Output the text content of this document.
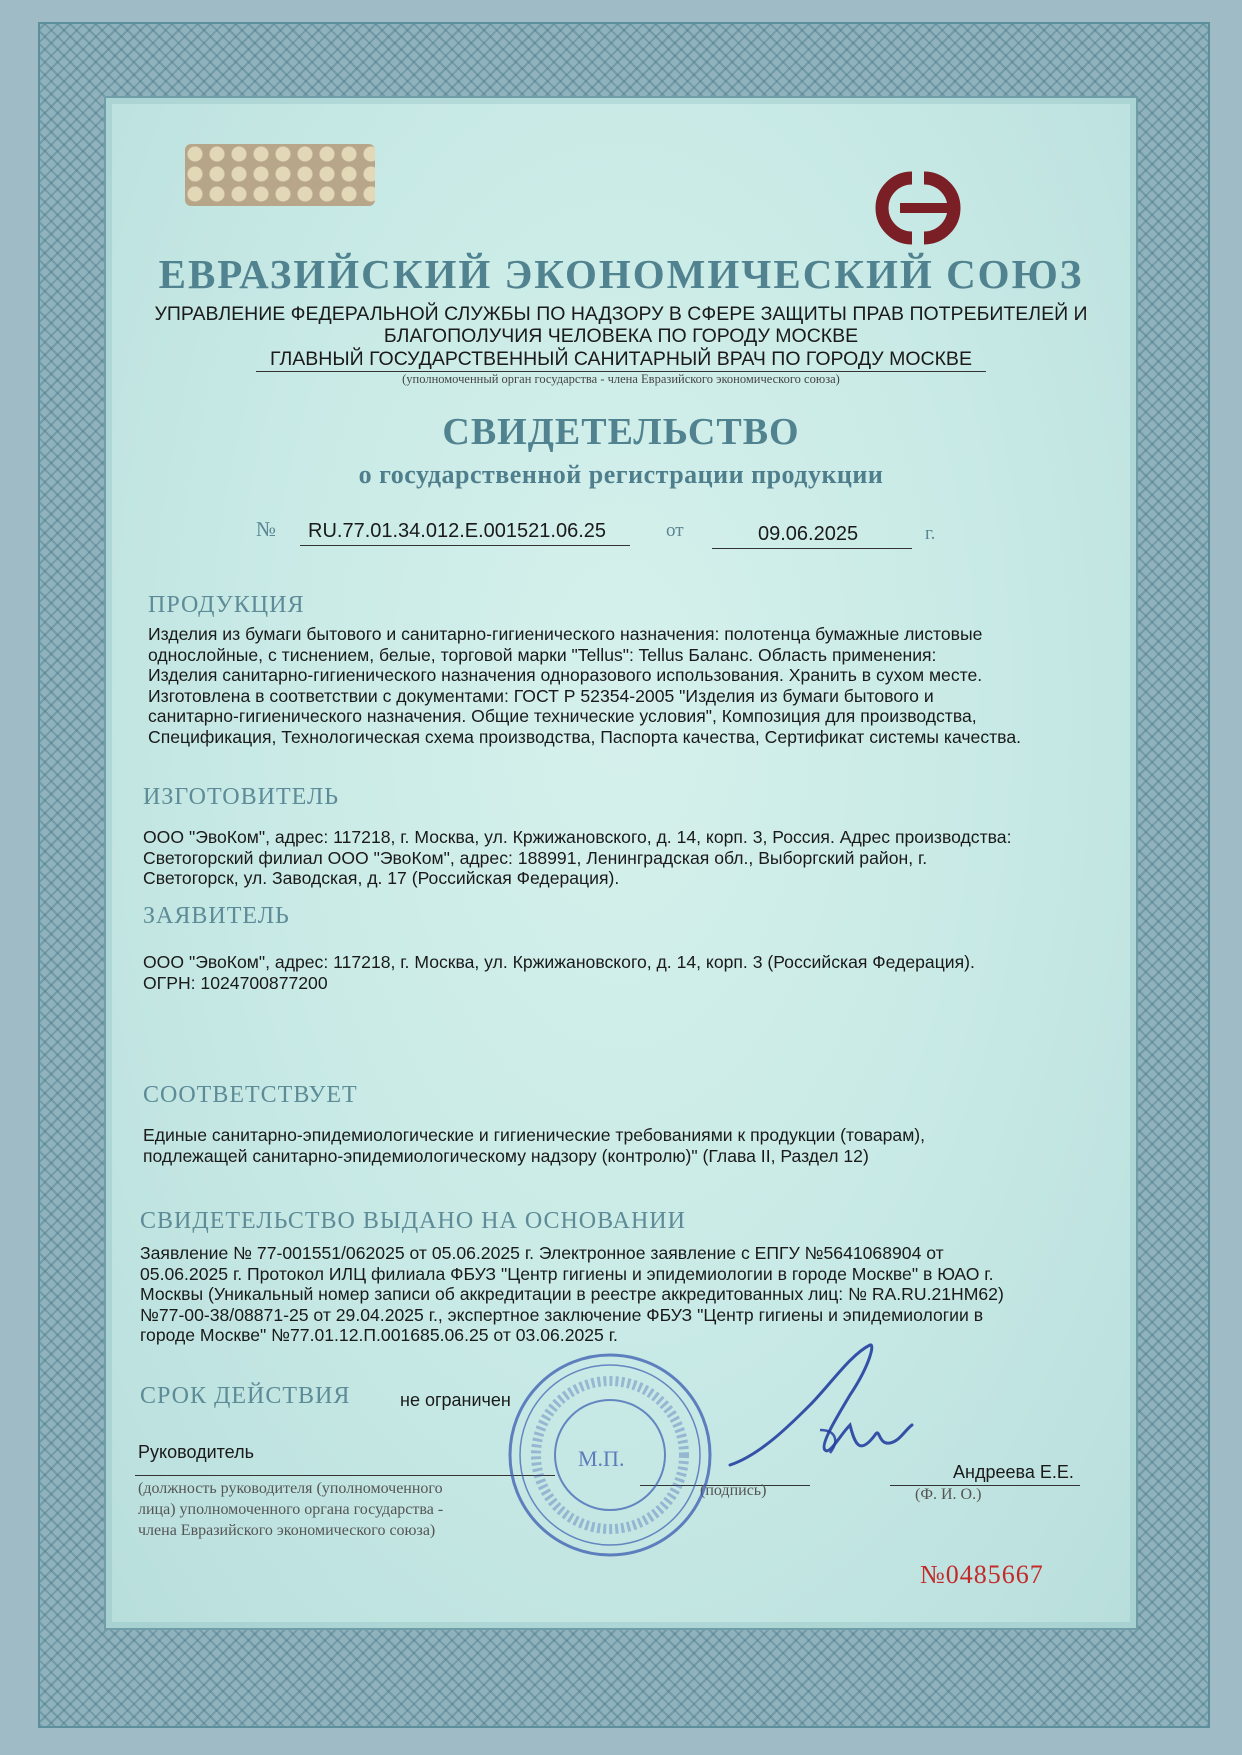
ЕВРАЗИЙСКИЙ ЭКОНОМИЧЕСКИЙ СОЮЗ
УПРАВЛЕНИЕ ФЕДЕРАЛЬНОЙ СЛУЖБЫ ПО НАДЗОРУ В СФЕРЕ ЗАЩИТЫ ПРАВ ПОТРЕБИТЕЛЕЙ И
БЛАГОПОЛУЧИЯ ЧЕЛОВЕКА ПО ГОРОДУ МОСКВЕ
ГЛАВНЫЙ ГОСУДАРСТВЕННЫЙ САНИТАРНЫЙ ВРАЧ ПО ГОРОДУ МОСКВЕ
(уполномоченный орган государства - члена Евразийского экономического союза)
СВИДЕТЕЛЬСТВО
о государственной регистрации продукции
№ RU.77.01.34.012.E.001521.06.25	от	09.06.2025	г.
ПРОДУКЦИЯ
Изделия из бумаги бытового и санитарно-гигиенического назначения: полотенца бумажные листовые
однослойные, с тиснением, белые, торговой марки "Tellus": Tellus Баланс. Область применения:
Изделия санитарно-гигиенического назначения одноразового использования. Хранить в сухом месте.
Изготовлена в соответствии с документами: ГОСТ Р 52354-2005 "Изделия из бумаги бытового и
санитарно-гигиенического назначения. Общие технические условия", Композиция для производства,
Спецификация, Технологическая схема производства, Паспорта качества, Сертификат системы качества.
ИЗГОТОВИТЕЛЬ
ООО "ЭвоКом", адрес: 117218, г. Москва, ул. Кржижановского, д. 14, корп. 3, Россия. Адрес производства:
Светогорский филиал ООО "ЭвоКом", адрес: 188991, Ленинградская обл., Выборгский район, г.
Светогорск, ул. Заводская, д. 17 (Российская Федерация).
ЗАЯВИТЕЛЬ
ООО "ЭвоКом", адрес: 117218, г. Москва, ул. Кржижановского, д. 14, корп. 3 (Российская Федерация).
ОГРН: 1024700877200
СООТВЕТСТВУЕТ
Единые санитарно-эпидемиологические и гигиенические требованиями к продукции (товарам),
подлежащей санитарно-эпидемиологическому надзору (контролю)" (Глава II, Раздел 12)
СВИДЕТЕЛЬСТВО ВЫДАНО НА ОСНОВАНИИ
Заявление № 77-001551/062025 от 05.06.2025 г. Электронное заявление с ЕПГУ №5641068904 от
05.06.2025 г. Протокол ИЛЦ филиала ФБУЗ "Центр гигиены и эпидемиологии в городе Москве" в ЮАО г.
Москвы (Уникальный номер записи об аккредитации в реестре аккредитованных лиц: № RA.RU.21НМ62)
№77-00-38/08871-25 от 29.04.2025 г., экспертное заключение ФБУЗ "Центр гигиены и эпидемиологии в
городе Москве" №77.01.12.П.001685.06.25 от 03.06.2025 г.
СРОК ДЕЙСТВИЯ	не ограничен
Руководитель
Андреева Е.Е.
(должность руководителя (уполномоченного
лица) уполномоченного органа государства -
члена Евразийского экономического союза)
(подпись)	(Ф. И. О.)
М.П.
№0485667
